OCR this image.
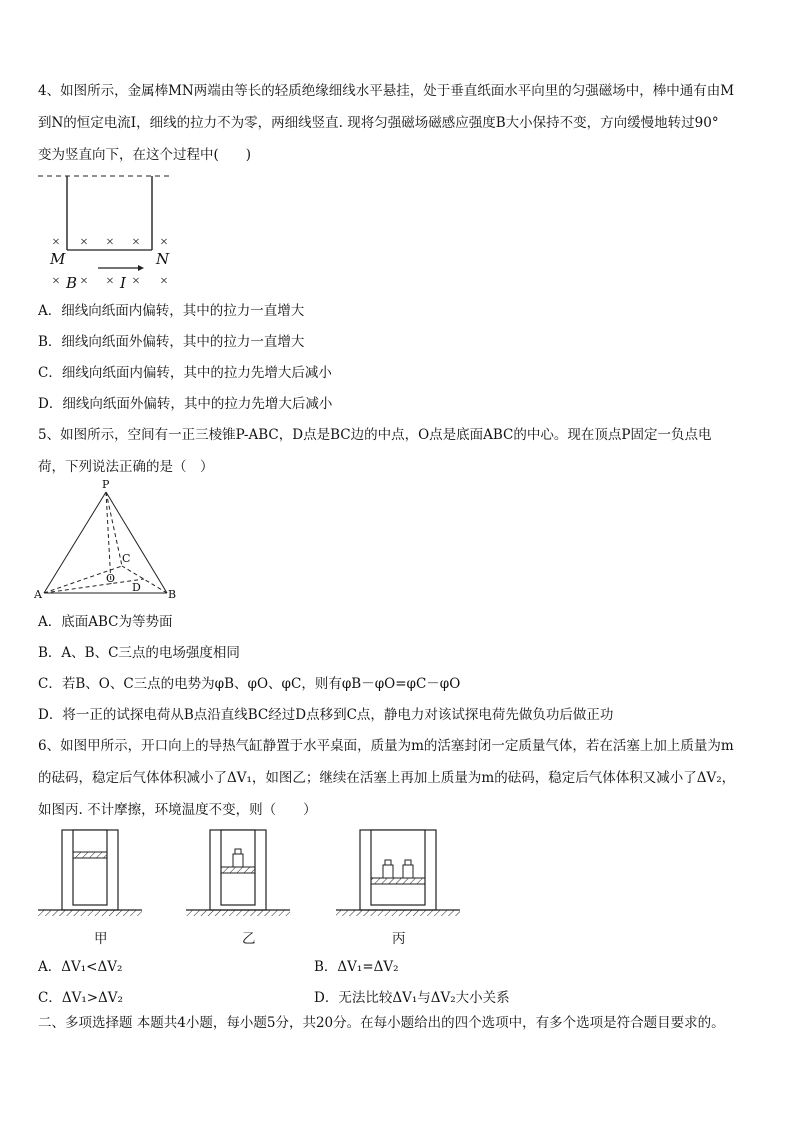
4、如图所示，金属棒MN两端由等长的轻质绝缘细线水平悬挂，处于垂直纸面水平向里的匀强磁场中，棒中通有由M
到N的恒定电流I，细线的拉力不为零，两细线竖直. 现将匀强磁场磁感应强度B大小保持不变，方向缓慢地转过90°
变为竖直向下，在这个过程中(　　)
× × × × ×
× × × × ×
M	N
B	I
A．细线向纸面内偏转，其中的拉力一直增大
B．细线向纸面外偏转，其中的拉力一直增大
C．细线向纸面内偏转，其中的拉力先增大后减小
D．细线向纸面外偏转，其中的拉力先增大后减小
5、如图所示，空间有一正三棱锥P-ABC，D点是BC边的中点，O点是底面ABC的中心。现在顶点P固定一负点电
荷，下列说法正确的是（　）
P
A	B
C
O
D
A．底面ABC为等势面
B．A、B、C三点的电场强度相同
C．若B、O、C三点的电势为φB、φO、φC，则有φB－φO=φC－φO
D．将一正的试探电荷从B点沿直线BC经过D点移到C点，静电力对该试探电荷先做负功后做正功
6、如图甲所示，开口向上的导热气缸静置于水平桌面，质量为m的活塞封闭一定质量气体，若在活塞上加上质量为m
的砝码，稳定后气体体积减小了ΔV₁，如图乙；继续在活塞上再加上质量为m的砝码，稳定后气体体积又减小了ΔV₂，
如图丙. 不计摩擦，环境温度不变，则（　　）
甲	乙	丙
A．ΔV₁<ΔV₂	B．ΔV₁=ΔV₂
C．ΔV₁>ΔV₂	D．无法比较ΔV₁与ΔV₂大小关系
二、多项选择题 本题共4小题，每小题5分，共20分。在每小题给出的四个选项中，有多个选项是符合题目要求的。
